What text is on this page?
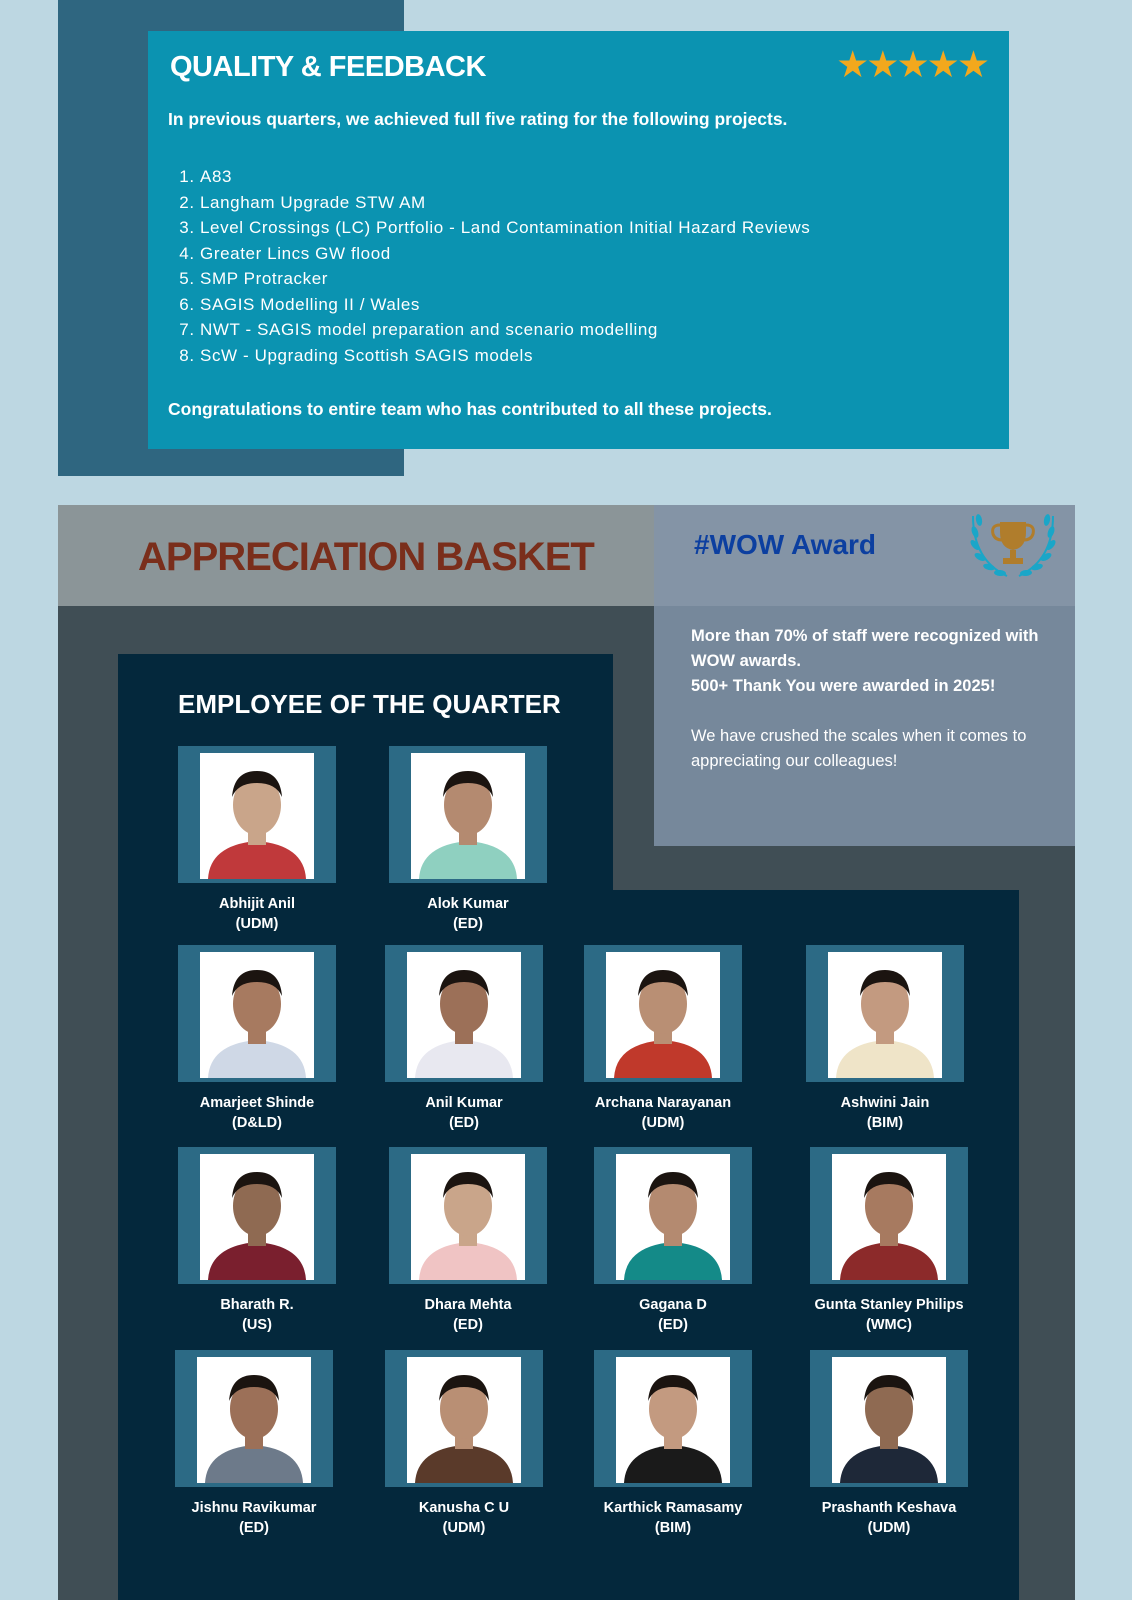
QUALITY & FEEDBACK	★★★★★
In previous quarters, we achieved full five rating for the following projects.
1. A83
2. Langham Upgrade STW AM
3. Level Crossings (LC) Portfolio - Land Contamination Initial Hazard Reviews
4. Greater Lincs GW flood
5. SMP Protracker
6. SAGIS Modelling II / Wales
7. NWT - SAGIS model preparation and scenario modelling
8. ScW - Upgrading Scottish SAGIS models
Congratulations to entire team who has contributed to all these projects.
APPRECIATION BASKET	#WOW Award
More than 70% of staff were recognized with WOW awards.
500+ Thank You were awarded in 2025!
We have crushed the scales when it comes to appreciating our colleagues!
EMPLOYEE OF THE QUARTER
Abhijit Anil
(UDM)
Alok Kumar
(ED)
Amarjeet Shinde
(D&LD)
Anil Kumar
(ED)
Archana Narayanan
(UDM)
Ashwini Jain
(BIM)
Bharath R.
(US)
Dhara Mehta
(ED)
Gagana D
(ED)
Gunta Stanley Philips
(WMC)
Jishnu Ravikumar
(ED)
Kanusha C U
(UDM)
Karthick Ramasamy
(BIM)
Prashanth Keshava
(UDM)
